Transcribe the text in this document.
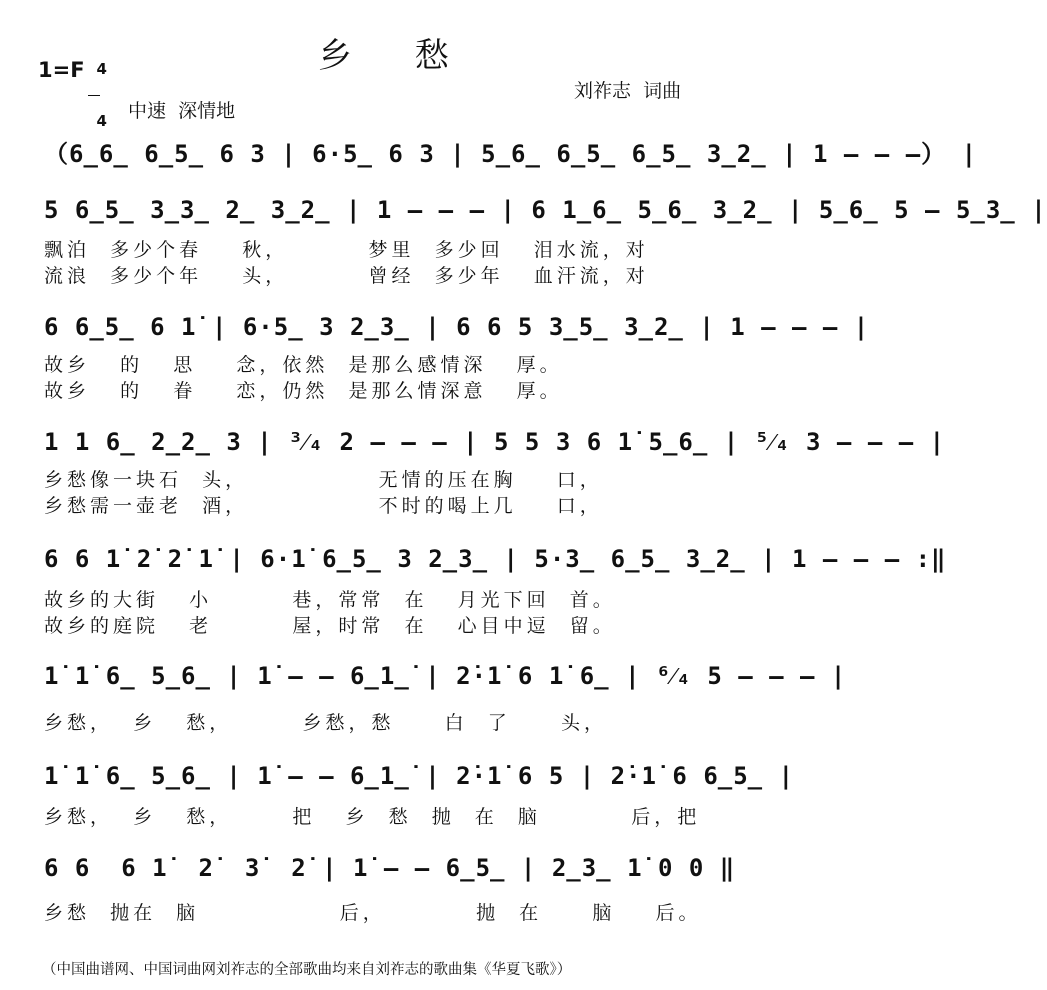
乡 愁
1=F 4

4

刘祚志  词曲
中速  深情地
（6̲6̲ 6̲5̲ 6 3 | 6·5̲ 6 3 | 5̲6̲ 6̲5̲ 6̲5̲ 3̲2̲ | 1 ― ― ―） |
5 6̲5̲ 3̲3̲ 2̲ 3̲2̲ | 1 ― ― ― | 6 1̲6̲ 5̲6̲ 3̲2̲ | 5̲6̲ 5 ― 5̲3̲ |
飘泊  多少个春    秋，        梦里  多少回   泪水流，对
流浪  多少个年    头，        曾经  多少年   血汗流，对
6 6̲5̲ 6 1̇ | 6·5̲ 3 2̲3̲ | 6 6 5 3̲5̲ 3̲2̲ | 1 ― ― ― |
故乡   的   思    念，依然  是那么感情深   厚。
故乡   的   眷    恋，仍然  是那么情深意   厚。
1 1 6̲ 2̲2̲ 3 | ³⁄₄ 2 ― ― ― | 5 5 3 6 1̇ 5̲6̲ | ⁵⁄₄ 3 ― ― ― |
乡愁像一块石  头，             无情的压在胸    口，
乡愁需一壶老  酒，             不时的喝上几    口，
6 6 1̇ 2̇ 2̇ 1̇ | 6·1̇ 6̲5̲ 3 2̲3̲ | 5·3̲ 6̲5̲ 3̲2̲ | 1 ― ― ― :‖
故乡的大街   小        巷，常常  在   月光下回  首。
故乡的庭院   老        屋，时常  在   心目中逗  留。
1̇ 1̇ 6̲ 5̲6̲ | 1̇ ― ― 6̲1̲̇ | 2̇·1̇ 6 1̇ 6̲ | ⁶⁄₄ 5 ― ― ― |
乡愁，  乡   愁，       乡愁，愁     白  了     头，
1̇ 1̇ 6̲ 5̲6̲ | 1̇ ― ― 6̲1̲̇ | 2̇·1̇ 6 5 | 2̇·1̇ 6 6̲5̲ |
乡愁，  乡   愁，      把   乡  愁  抛  在  脑         后，把
6 6  6 1̇  2̇  3̇  2̇ | 1̇ ― ― 6̲5̲ | 2̲3̲ 1̇ 0 0 ‖
乡愁  抛在  脑              后，         抛  在     脑    后。
（中国曲谱网、中国词曲网刘祚志的全部歌曲均来自刘祚志的歌曲集《华夏飞歌》）
